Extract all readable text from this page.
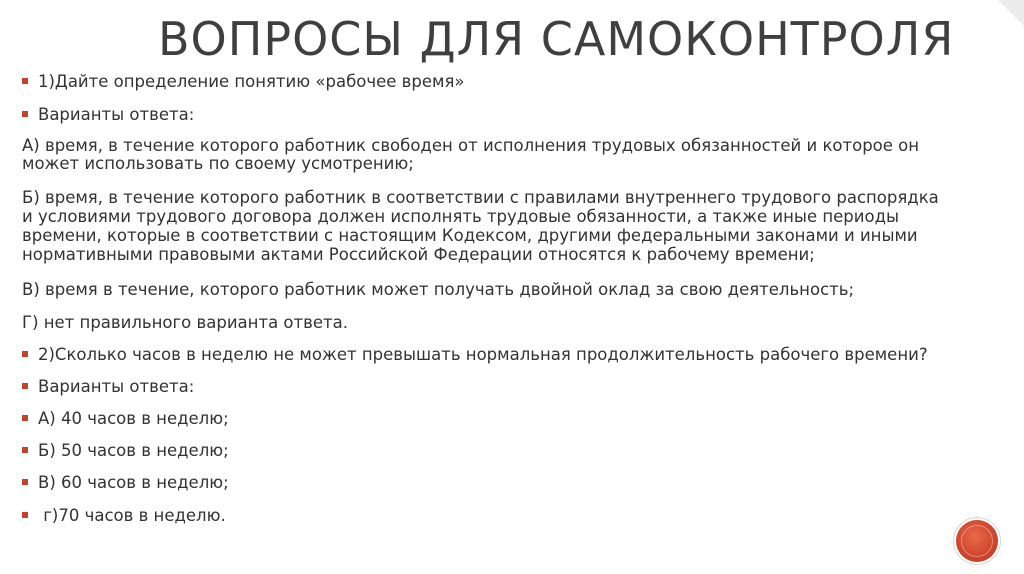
ВОПРОСЫ ДЛЯ САМОКОНТРОЛЯ
1)Дайте определение понятию «рабочее время»
Варианты ответа:
А) время, в течение которого работник свободен от исполнения трудовых обязанностей и которое он
может использовать по своему усмотрению;
Б) время, в течение которого работник в соответствии с правилами внутреннего трудового распорядка
и условиями трудового договора должен исполнять трудовые обязанности, а также иные периоды
времени, которые в соответствии с настоящим Кодексом, другими федеральными законами и иными
нормативными правовыми актами Российской Федерации относятся к рабочему времени;
В) время в течение, которого работник может получать двойной оклад за свою деятельность;
Г) нет правильного варианта ответа.
2)Сколько часов в неделю не может превышать нормальная продолжительность рабочего времени?
Варианты ответа:
А) 40 часов в неделю;
Б) 50 часов в неделю;
В) 60 часов в неделю;
г)70 часов в неделю.
